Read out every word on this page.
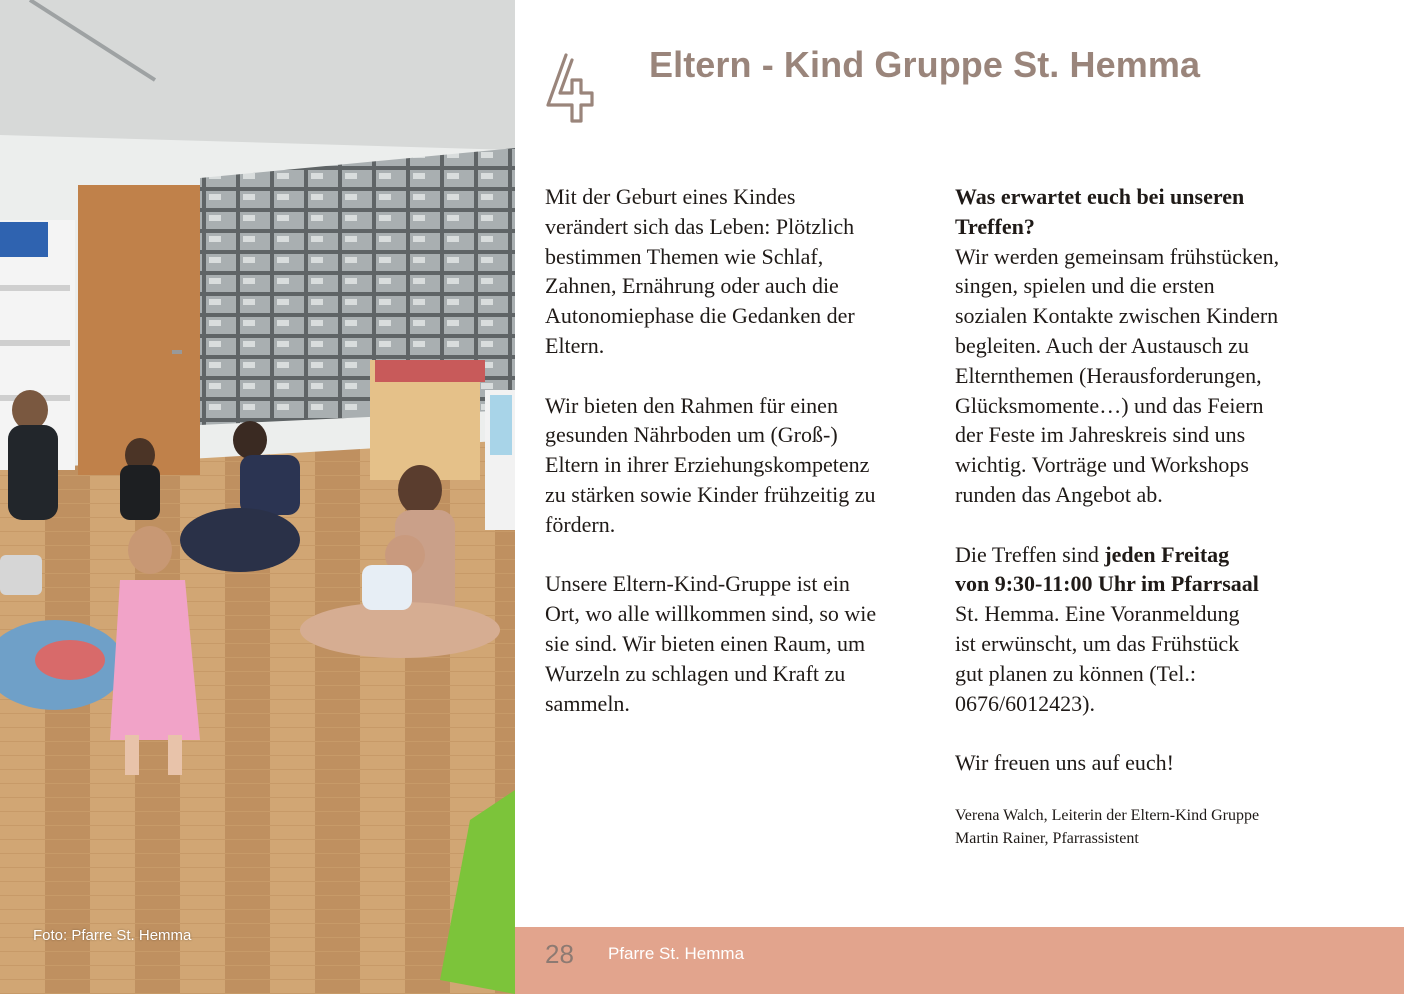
Foto: Pfarre St. Hemma
Eltern - Kind Gruppe St. Hemma

Mit der Geburt eines Kindes
verändert sich das Leben: Plötzlich
bestimmen Themen wie Schlaf,
Zahnen, Ernährung oder auch die
Autonomiephase die Gedanken der
Eltern.

Wir bieten den Rahmen für einen
gesunden Nährboden um (Groß-)
Eltern in ihrer Erziehungskompetenz
zu stärken sowie Kinder frühzeitig zu
fördern.

Unsere Eltern-Kind-Gruppe ist ein
Ort, wo alle willkommen sind, so wie
sie sind. Wir bieten einen Raum, um
Wurzeln zu schlagen und Kraft zu
sammeln.

Was erwartet euch bei unseren
Treffen?
Wir werden gemeinsam frühstücken,
singen, spielen und die ersten
sozialen Kontakte zwischen Kindern
begleiten. Auch der Austausch zu
Elternthemen (Herausforderungen,
Glücksmomente…) und das Feiern
der Feste im Jahreskreis sind uns
wichtig. Vorträge und Workshops
runden das Angebot ab.

Die Treffen sind jeden Freitag
von 9:30-11:00 Uhr im Pfarrsaal
St. Hemma. Eine Voranmeldung
ist erwünscht, um das Frühstück
gut planen zu können (Tel.:
0676/6012423).

Wir freuen uns auf euch!

Verena Walch, Leiterin der Eltern-Kind Gruppe
Martin Rainer, Pfarrassistent
28 Pfarre St. Hemma
